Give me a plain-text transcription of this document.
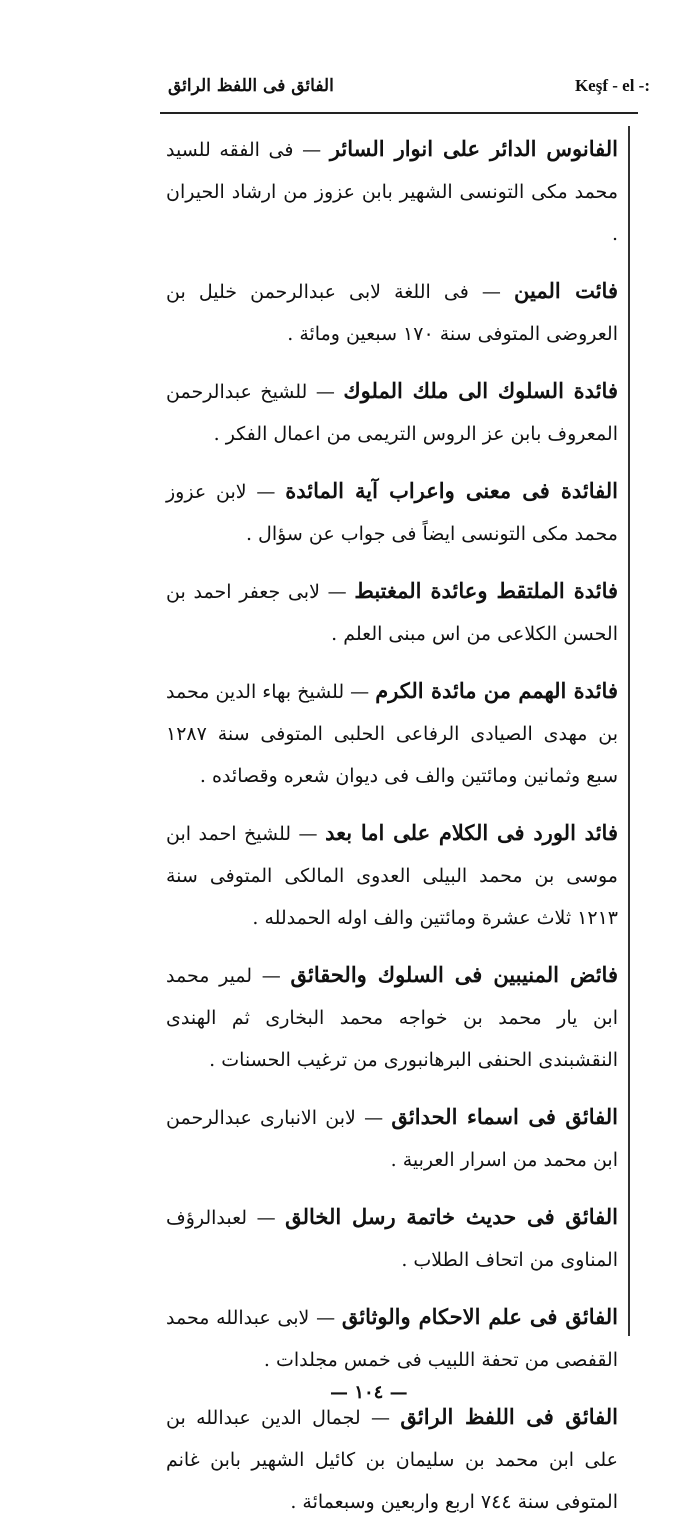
الفائق فى اللفظ الرائق	Keşf - el -:

الفانوس الدائر على انوار السائر — فى الفقه للسيد محمد مكى التونسى الشهير بابن عزوز من ارشاد الحيران .

فائت المين — فى اللغة لابى عبدالرحمن خليل بن العروضى المتوفى سنة ١٧٠ سبعين ومائة .

فائدة السلوك الى ملك الملوك — للشيخ عبدالرحمن المعروف بابن عز الروس التريمى من اعمال الفكر .

الفائدة فى معنى واعراب آية المائدة — لابن عزوز محمد مكى التونسى ايضاً فى جواب عن سؤال .

فائدة الملتقط وعائدة المغتبط — لابى جعفر احمد بن الحسن الكلاعى من اس مبنى العلم .

فائدة الهمم من مائدة الكرم — للشيخ بهاء الدين محمد بن مهدى الصيادى الرفاعى الحلبى المتوفى سنة ١٢٨٧ سبع وثمانين ومائتين والف فى ديوان شعره وقصائده .

فائد الورد فى الكلام على اما بعد — للشيخ احمد ابن موسى بن محمد البيلى العدوى المالكى المتوفى سنة ١٢١٣ ثلاث عشرة ومائتين والف اوله الحمدلله .

فائض المنيبين فى السلوك والحقائق — لمير محمد ابن يار محمد بن خواجه محمد البخارى ثم الهندى النقشبندى الحنفى البرهانبورى من ترغيب الحسنات .

الفائق فى اسماء الحدائق — لابن الانبارى عبدالرحمن ابن محمد من اسرار العربية .

الفائق فى حديث خاتمة رسل الخالق — لعبدالرؤف المناوى من اتحاف الطلاب .

الفائق فى علم الاحكام والوثائق — لابى عبدالله محمد القفصى من تحفة اللبيب فى خمس مجلدات .

الفائق فى اللفظ الرائق — لجمال الدين عبدالله بن على ابن محمد بن سليمان بن كائيل الشهير بابن غانم المتوفى سنة ٧٤٤ اربع واربعين وسبعمائة .

— ١٠٤ —
